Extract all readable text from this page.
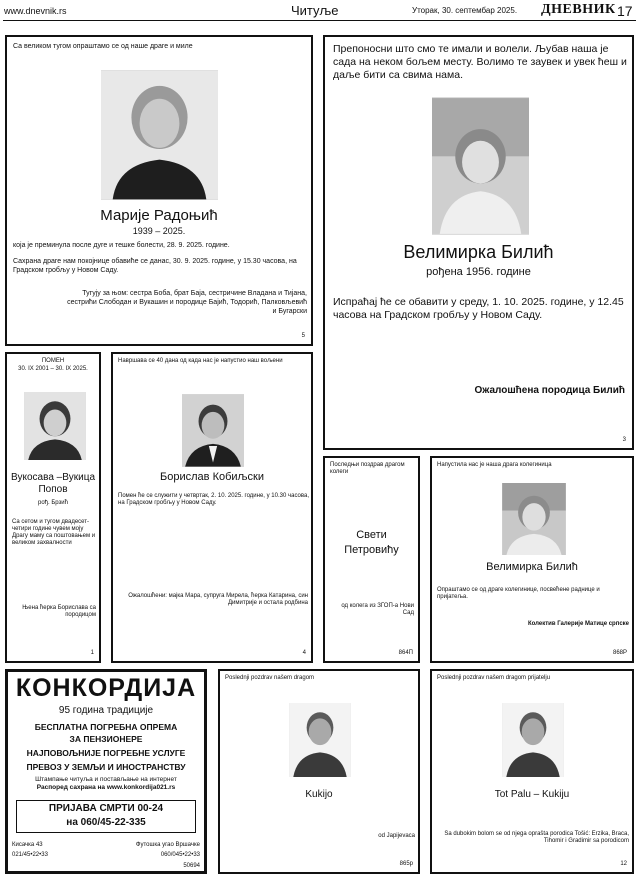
www.dnevnik.rs	Читуље	Уторак, 30. септембар 2025. ДНЕВНИК 17
Са великом тугом опраштамо се од наше драге и миле
Марије Радоњић
1939 – 2025.
која је преминула после дуге и тешке болести, 28. 9. 2025. године.
Сахрана драге нам покојнице обавиће се данас, 30. 9. 2025. године, у 15.30 часова, на Градском гробљу у Новом Саду.
Тугују за њом: сестра Боба, брат Баја, сестричине Владана и Тијана, сестрићи Слободан и Вукашин и породице Бајић, Тодорић, Палковљевић и Бугарски
5
Препоносни што смо те имали и волели. Љубав наша је сада на неком бољем месту. Волимо те заувек и увек ћеш и даље бити са свима нама.
Велимирка Билић
рођена 1956. године
Испраћај ће се обавити у среду, 1. 10. 2025. године, у 12.45 часова на Градском гробљу у Новом Саду.
Ожалошћена породица Билић
3
ПОМЕН
30. IX 2001 – 30. IX 2025.
Вукосава –Вукица
Попов
рођ. Брзић
Са сетом и тугом двадесет-четири године чувем моју Драгу маму са поштовањем и великом захвалности
Њена ћерка Борислава са породицом
1
Навршава се 40 дана од када нас је напустио наш вољени
Борислав Кобиљски
Помен ће се служити у четвртак, 2. 10. 2025. године, у 10.30 часова, на Градском гробљу у Новом Саду.
Ожалошћени: мајка Мара, супруга Мирела, ћерка Катарина, син Димитрије и остала родбина
4
Последњи поздрав драгом колеги
Свети
Петровићу
од колега из ЗГОП-а Нови Сад
864П
Напустила нас је наша драга колегиница
Велимирка Билић
Опраштамо се од драге колегинице, посвећене раднице и пријатеља.
Колектив Галерије Матице српске
868Р
КОНКОРДИЈА
95 година традиције
БЕСПЛАТНА ПОГРЕБНА ОПРЕМА
ЗА ПЕНЗИОНЕРЕ
НАЈПОВОЉНИЈЕ ПОГРЕБНЕ УСЛУГЕ
ПРЕВОЗ У ЗЕМЉИ И ИНОСТРАНСТВУ
Штампање читуља и постављање на интернет
Распоред сахрана на www.konkordija021.rs
ПРИЈАВА СМРТИ 00-24
на 060/45-22-335
Кисачка 43
021/45•22•33
Футошка угао Вршачке
060/045•22•33
50694
Poslednji pozdrav našem dragom
Kukijo
od Japijevaca
865p
Poslednji pozdrav našem dragom prijatelju
Tot Palu – Kukiju
Sa dubokim bolom se od njega oprašta porodica Tošić: Erzika, Braca, Tihomir i Gradimir sa porodicom
12
